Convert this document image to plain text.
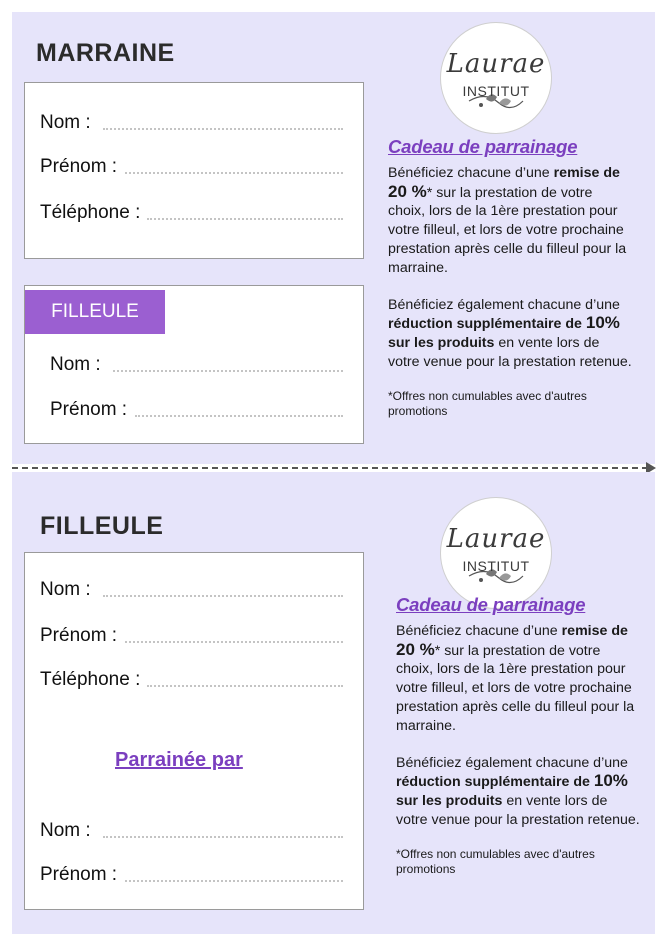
MARRAINE
Nom :
Prénom :
Téléphone :
FILLEULE
Nom :
Prénom :
Laurae
INSTITUT
Cadeau de parrainage

Bénéficiez chacune d’une remise de 20 %* sur la prestation de votre choix, lors de la 1ère prestation pour votre filleul, et lors de votre prochaine prestation après celle du filleul pour la marraine.

Bénéficiez également chacune d’une réduction supplémentaire de 10% sur les produits en vente lors de votre venue pour la prestation retenue.

*Offres non cumulables avec d'autres promotions

FILLEULE
Nom :
Prénom :
Téléphone :
Parrainée par
Nom :
Prénom :
Laurae
INSTITUT
Cadeau de parrainage

Bénéficiez chacune d’une remise de 20 %* sur la prestation de votre choix, lors de la 1ère prestation pour votre filleul, et lors de votre prochaine prestation après celle du filleul pour la marraine.

Bénéficiez également chacune d’une réduction supplémentaire de 10% sur les produits en vente lors de votre venue pour la prestation retenue.

*Offres non cumulables avec d'autres promotions
